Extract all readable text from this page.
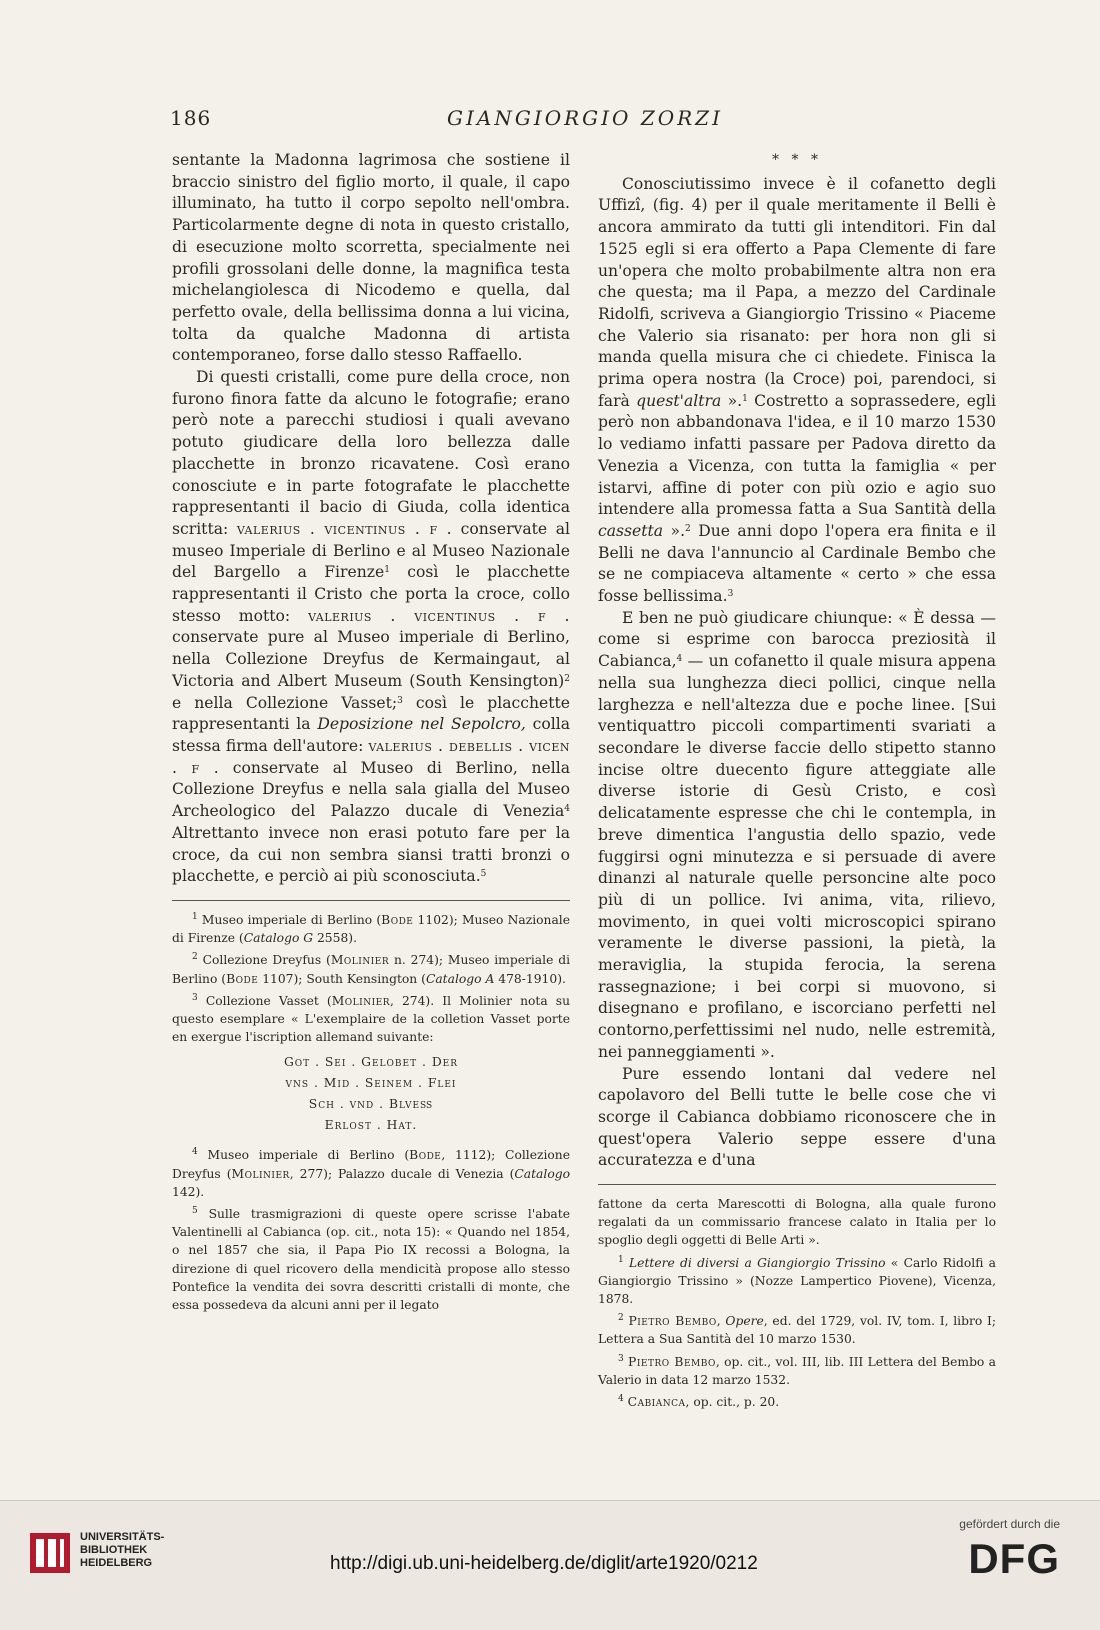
186	GIANGIORGIO ZORZI

sentante la Madonna lagrimosa che sostiene il braccio sinistro del figlio morto, il quale, il capo illuminato, ha tutto il corpo sepolto nell'ombra. Particolarmente degne di nota in questo cristallo, di esecuzione molto scorretta, specialmente nei profili grossolani delle donne, la magnifica testa michelangiolesca di Nicodemo e quella, dal perfetto ovale, della bellissima donna a lui vicina, tolta da qualche Madonna di artista contemporaneo, forse dallo stesso Raffaello.

Di questi cristalli, come pure della croce, non furono finora fatte da alcuno le fotografie; erano però note a parecchi studiosi i quali avevano potuto giudicare della loro bellezza dalle placchette in bronzo ricavatene. Così erano conosciute e in parte fotografate le placchette rappresentanti il bacio di Giuda, colla identica scritta: valerius . vicentinus . f . conservate al museo Imperiale di Berlino e al Museo Nazionale del Bargello a Firenze$^1$ così le placchette rappresentanti il Cristo che porta la croce, collo stesso motto: valerius . vicentinus . f . conservate pure al Museo imperiale di Berlino, nella Collezione Dreyfus de Kermaingaut, al Victoria and Albert Museum (South Kensington)$^2$ e nella Collezione Vasset;$^3$ così le placchette rappresentanti la Deposizione nel Sepolcro, colla stessa firma dell'autore: valerius . debellis . vicen . f . conservate al Museo di Berlino, nella Collezione Dreyfus e nella sala gialla del Museo Archeologico del Palazzo ducale di Venezia$^4$ Altrettanto invece non erasi potuto fare per la croce, da cui non sembra siansi tratti bronzi o placchette, e perciò ai più sconosciuta.$^5$

$^1$ Museo imperiale di Berlino (Bode 1102); Museo Nazionale di Firenze (Catalogo G 2558).

$^2$ Collezione Dreyfus (Molinier n. 274); Museo imperiale di Berlino (Bode 1107); South Kensington (Catalogo A 478-1910).

$^3$ Collezione Vasset (Molinier, 274). Il Molinier nota su questo esemplare « L'exemplaire de la colletion Vasset porte en exergue l'iscription allemand suivante:

Got . Sei . Gelobet . Der
vns . Mid . Seinem . Flei
Sch . vnd . Blveß
Erlost . Hat.

$^4$ Museo imperiale di Berlino (Bode, 1112); Collezione Dreyfus (Molinier, 277); Palazzo ducale di Venezia (Catalogo 142).

$^5$ Sulle trasmigrazioni di queste opere scrisse l'abate Valentinelli al Cabianca (op. cit., nota 15): « Quando nel 1854, o nel 1857 che sia, il Papa Pio IX recossi a Bologna, la direzione di quel ricovero della mendicità propose allo stesso Pontefice la vendita dei sovra descritti cristalli di monte, che essa possedeva da alcuni anni per il legato

* * *

Conosciutissimo invece è il cofanetto degli Uffizî, (fig. 4) per il quale meritamente il Belli è ancora ammirato da tutti gli intenditori. Fin dal 1525 egli si era offerto a Papa Clemente di fare un'opera che molto probabilmente altra non era che questa; ma il Papa, a mezzo del Cardinale Ridolfi, scriveva a Giangiorgio Trissino « Piaceme che Valerio sia risanato: per hora non gli si manda quella misura che ci chiedete. Finisca la prima opera nostra (la Croce) poi, parendoci, si farà quest'altra ».$^1$ Costretto a soprassedere, egli però non abbandonava l'idea, e il 10 marzo 1530 lo vediamo infatti passare per Padova diretto da Venezia a Vicenza, con tutta la famiglia « per istarvi, affine di poter con più ozio e agio suo intendere alla promessa fatta a Sua Santità della cassetta ».$^2$ Due anni dopo l'opera era finita e il Belli ne dava l'annuncio al Cardinale Bembo che se ne compiaceva altamente « certo » che essa fosse bellissima.$^3$

E ben ne può giudicare chiunque: « È dessa — come si esprime con barocca preziosità il Cabianca,$^4$ — un cofanetto il quale misura appena nella sua lunghezza dieci pollici, cinque nella larghezza e nell'altezza due e poche linee. [Sui ventiquattro piccoli compartimenti svariati a secondare le diverse faccie dello stipetto stanno incise oltre duecento figure atteggiate alle diverse istorie di Gesù Cristo, e così delicatamente espresse che chi le contempla, in breve dimentica l'angustia dello spazio, vede fuggirsi ogni minutezza e si persuade di avere dinanzi al naturale quelle personcine alte poco più di un pollice. Ivi anima, vita, rilievo, movimento, in quei volti microscopici spirano veramente le diverse passioni, la pietà, la meraviglia, la stupida ferocia, la serena rassegnazione; i bei corpi si muovono, si disegnano e profilano, e iscorciano perfetti nel contorno,perfettissimi nel nudo, nelle estremità, nei panneggiamenti ».

Pure essendo lontani dal vedere nel capolavoro del Belli tutte le belle cose che vi scorge il Cabianca dobbiamo riconoscere che in quest'opera Valerio seppe essere d'una accuratezza e d'una

fattone da certa Marescotti di Bologna, alla quale furono regalati da un commissario francese calato in Italia per lo spoglio degli oggetti di Belle Arti ».

$^1$ Lettere di diversi a Giangiorgio Trissino « Carlo Ridolfi a Giangiorgio Trissino » (Nozze Lampertico Piovene), Vicenza, 1878.

$^2$ Pietro Bembo, Opere, ed. del 1729, vol. IV, tom. I, libro I; Lettera a Sua Santità del 10 marzo 1530.

$^3$ Pietro Bembo, op. cit., vol. III, lib. III Lettera del Bembo a Valerio in data 12 marzo 1532.

$^4$ Cabianca, op. cit., p. 20.

UNIVERSITÄTS-
BIBLIOTHEK
HEIDELBERG	http://digi.ub.uni-heidelberg.de/diglit/arte1920/0212
gefördert durch die
DFG
